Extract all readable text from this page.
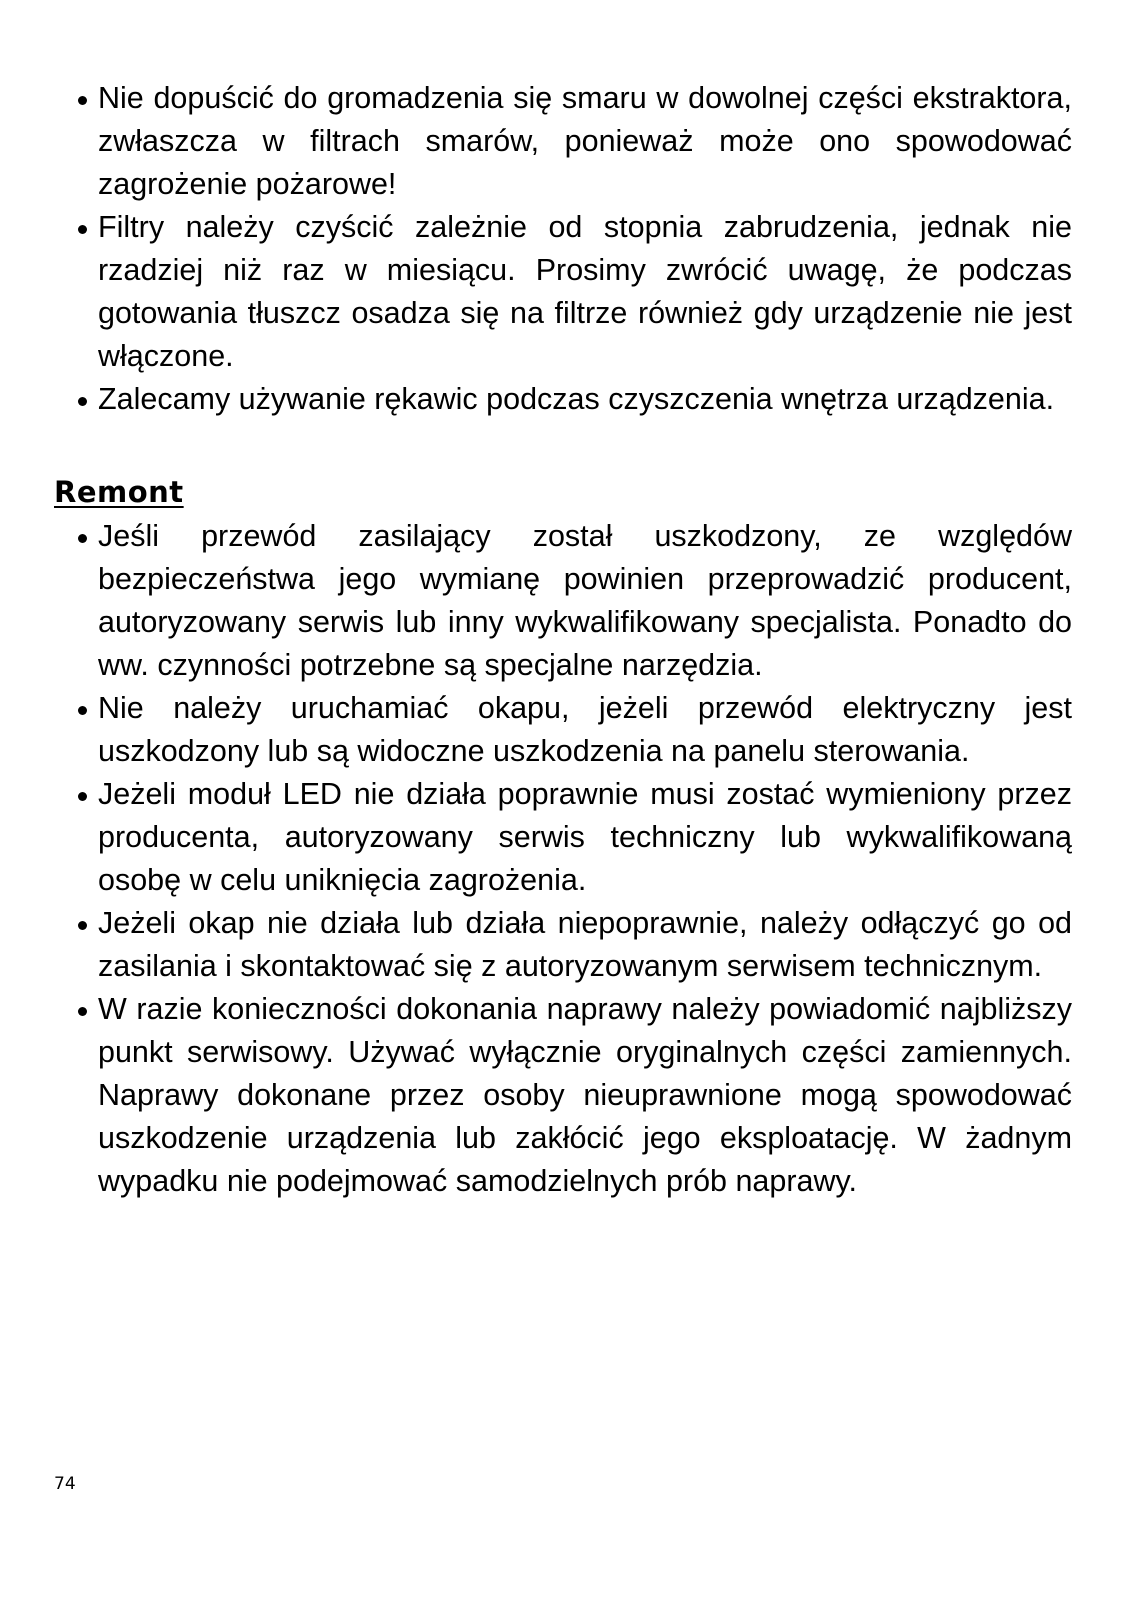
Nie dopuścić do gromadzenia się smaru w dowolnej części ekstraktora, zwłaszcza w filtrach smarów, ponieważ może ono spowodować zagrożenie pożarowe!
Filtry należy czyścić zależnie od stopnia zabrudzenia, jednak nie rzadziej niż raz w miesiącu. Prosimy zwrócić uwagę, że podczas gotowania tłuszcz osadza się na filtrze również gdy urządzenie nie jest włączone.
Zalecamy używanie rękawic podczas czyszczenia wnętrza urządzenia.
Remont
Jeśli przewód zasilający został uszkodzony, ze względów bezpieczeństwa jego wymianę powinien przeprowadzić producent, autoryzowany serwis lub inny wykwalifikowany specjalista. Ponadto do ww. czynności potrzebne są specjalne narzędzia.
Nie należy uruchamiać okapu, jeżeli przewód elektryczny jest uszkodzony lub są widoczne uszkodzenia na panelu sterowania.
Jeżeli moduł LED nie działa poprawnie musi zostać wymieniony przez producenta, autoryzowany serwis techniczny lub wykwalifikowaną osobę w celu uniknięcia zagrożenia.
Jeżeli okap nie działa lub działa niepoprawnie, należy odłączyć go od zasilania i skontaktować się z autoryzowanym serwisem technicznym.
W razie konieczności dokonania naprawy należy powiadomić najbliższy punkt serwisowy. Używać wyłącznie oryginalnych części zamiennych. Naprawy dokonane przez osoby nieuprawnione mogą spowodować uszkodzenie urządzenia lub zakłócić jego eksploatację. W żadnym wypadku nie podejmować samodzielnych prób naprawy.
74
